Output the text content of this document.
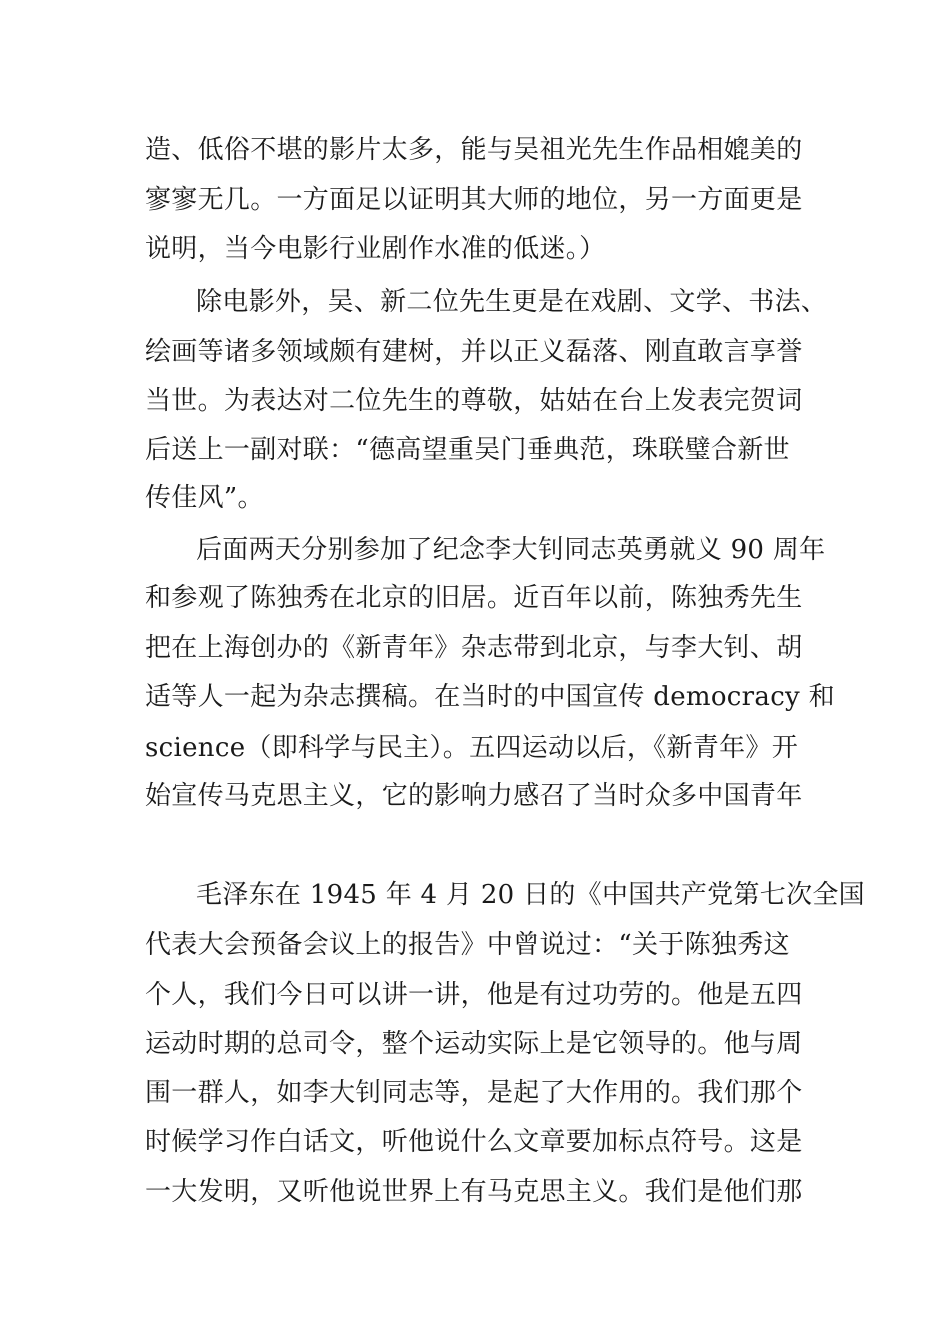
造、低俗不堪的影片太多，能与吴祖光先生作品相媲美的
寥寥无几。一方面足以证明其大师的地位，另一方面更是
说明，当今电影行业剧作水准的低迷。）
除电影外，吴、新二位先生更是在戏剧、文学、书法、
绘画等诸多领域颇有建树，并以正义磊落、刚直敢言享誉
当世。为表达对二位先生的尊敬，姑姑在台上发表完贺词
后送上一副对联：“德高望重吴门垂典范，珠联璧合新世
传佳风”。
后面两天分别参加了纪念李大钊同志英勇就义 90 周年
和参观了陈独秀在北京的旧居。近百年以前，陈独秀先生
把在上海创办的《新青年》杂志带到北京，与李大钊、胡
适等人一起为杂志撰稿。在当时的中国宣传 democracy 和
science（即科学与民主）。五四运动以后，《新青年》开
始宣传马克思主义，它的影响力感召了当时众多中国青年
毛泽东在 1945 年 4 月 20 日的《中国共产党第七次全国
代表大会预备会议上的报告》中曾说过：“关于陈独秀这
个人，我们今日可以讲一讲，他是有过功劳的。他是五四
运动时期的总司令，整个运动实际上是它领导的。他与周
围一群人，如李大钊同志等，是起了大作用的。我们那个
时候学习作白话文，听他说什么文章要加标点符号。这是
一大发明，又听他说世界上有马克思主义。我们是他们那
